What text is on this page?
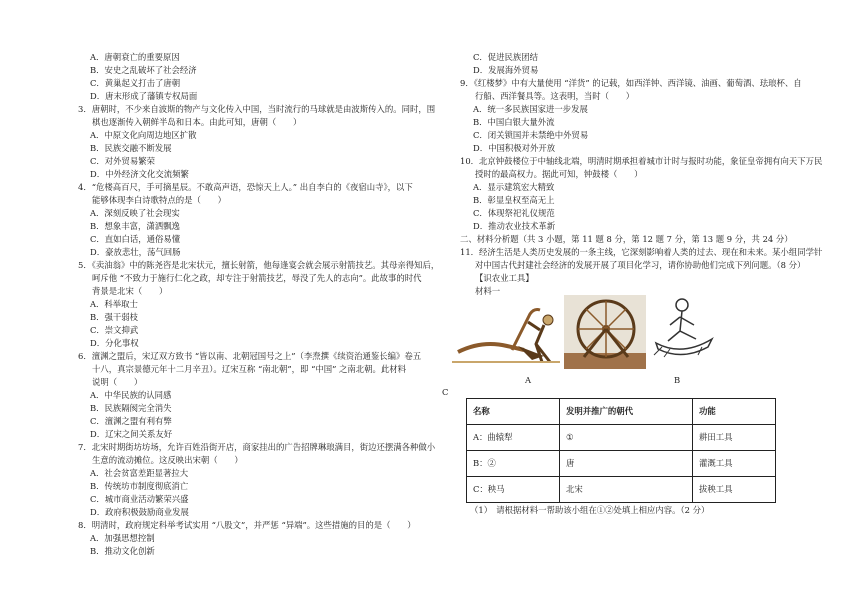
A．唐朝衰亡的重要原因
B．安史之乱破坏了社会经济
C．黄巢起义打击了唐朝
D．唐末形成了藩镇专权局面
3．唐朝时，不少来自波斯的物产与文化传入中国，当时流行的马球就是由波斯传入的。同时，围
棋也逐渐传入朝鲜半岛和日本。由此可知，唐朝（　　）
A．中原文化向周边地区扩散
B．民族交融不断发展
C．对外贸易繁荣
D．中外经济文化交流频繁
4．“危楼高百尺，手可摘星辰。不敢高声语，恐惊天上人。” 出自李白的《夜宿山寺》，以下
能够体现李白诗歌特点的是（　　）
A．深刻反映了社会现实
B．想象丰富，潇洒飘逸
C．直如白话，通俗易懂
D．豪放悲壮，荡气回肠
5．《卖油翁》中的陈尧咨是北宋状元，擅长射箭，他每逢宴会就会展示射箭技艺。其母亲得知后，
呵斥他 “不致力于施行仁化之政，却专注于射箭技艺，辱没了先人的志向”。此故事的时代
背景是北宋（　　）
A．科举取士
B．强干弱枝
C．崇文抑武
D．分化事权
6．澶渊之盟后，宋辽双方致书 “皆以南、北朝冠国号之上”（李焘撰《续资治通鉴长编》卷五
十八，真宗景德元年十二月辛丑）。辽宋互称 “南北朝”，即 “中国” 之南北朝。此材料
说明（　　）
A．中华民族的认同感
B．民族隔阂完全消失
C．澶渊之盟有利有弊
D．辽宋之间关系友好
7．北宋时期街坊坊场，允许百姓沿街开店，商家挂出的广告招牌琳琅满目，街边还摆满各种做小
生意的流动摊位。这反映出宋朝（　　）
A．社会贫富差距显著拉大
B．传统坊市制度彻底消亡
C．城市商业活动繁荣兴盛
D．政府积极鼓励商业发展
8．明清时，政府规定科举考试实用 “八股文”，并严惩 “异端”。这些措施的目的是（　　）
A．加强思想控制
B．推动文化创新
A	B
C
名称	发明并推广的朝代	功能
A：曲辕犁	①	耕田工具
B：②	唐	灌溉工具
C：秧马	北宋	拔秧工具
（1）　请根据材料一帮助该小组在①②处填上相应内容。（2 分）
C．促进民族团结
D．发展海外贸易
9．《红楼梦》中有大量使用 “洋货” 的记载，如西洋钟、西洋镜、油画、葡萄酒、珐琅杯、自
行船、西洋餐具等。这表明，当时（　　）
A．统一多民族国家进一步发展
B．中国白银大量外流
C．闭关锁国并未禁绝中外贸易
D．中国积极对外开放
10．北京钟鼓楼位于中轴线北端，明清时期承担着城市计时与报时功能，象征皇帝拥有向天下万民
授时的最高权力。据此可知，钟鼓楼（　　）
A．显示建筑宏大精致
B．彰显皇权至高无上
C．体现祭祀礼仪规范
D．推动农业技术革新
二、材料分析题（共 3 小题，第 11 题 8 分，第 12 题 7 分，第 13 题 9 分，共 24 分）
11．经济生活是人类历史发展的一条主线，它深刻影响着人类的过去、现在和未来。某小组同学针
对中国古代封建社会经济的发展开展了项目化学习，请你协助他们完成下列问题。（8 分）
【识农业工具】
材料一
